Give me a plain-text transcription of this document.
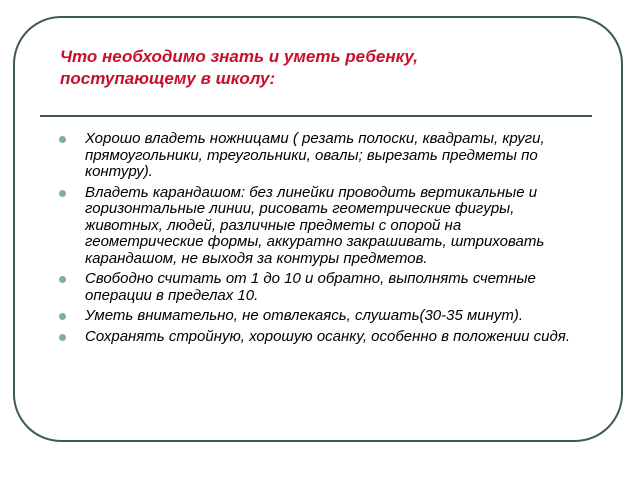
Что необходимо знать и уметь ребенку,
поступающему в школу:
Хорошо владеть ножницами ( резать полоски, квадраты, круги, прямоугольники, треугольники, овалы; вырезать предметы по контуру).
Владеть карандашом: без линейки проводить вертикальные и горизонтальные линии, рисовать геометрические фигуры, животных, людей, различные предметы с опорой на геометрические формы, аккуратно закрашивать, штриховать карандашом, не выходя за контуры предметов.
Свободно считать от 1 до 10 и обратно, выполнять счетные операции в пределах 10.
Уметь внимательно, не отвлекаясь, слушать(30-35 минут).
Сохранять стройную, хорошую осанку, особенно в положении сидя.
